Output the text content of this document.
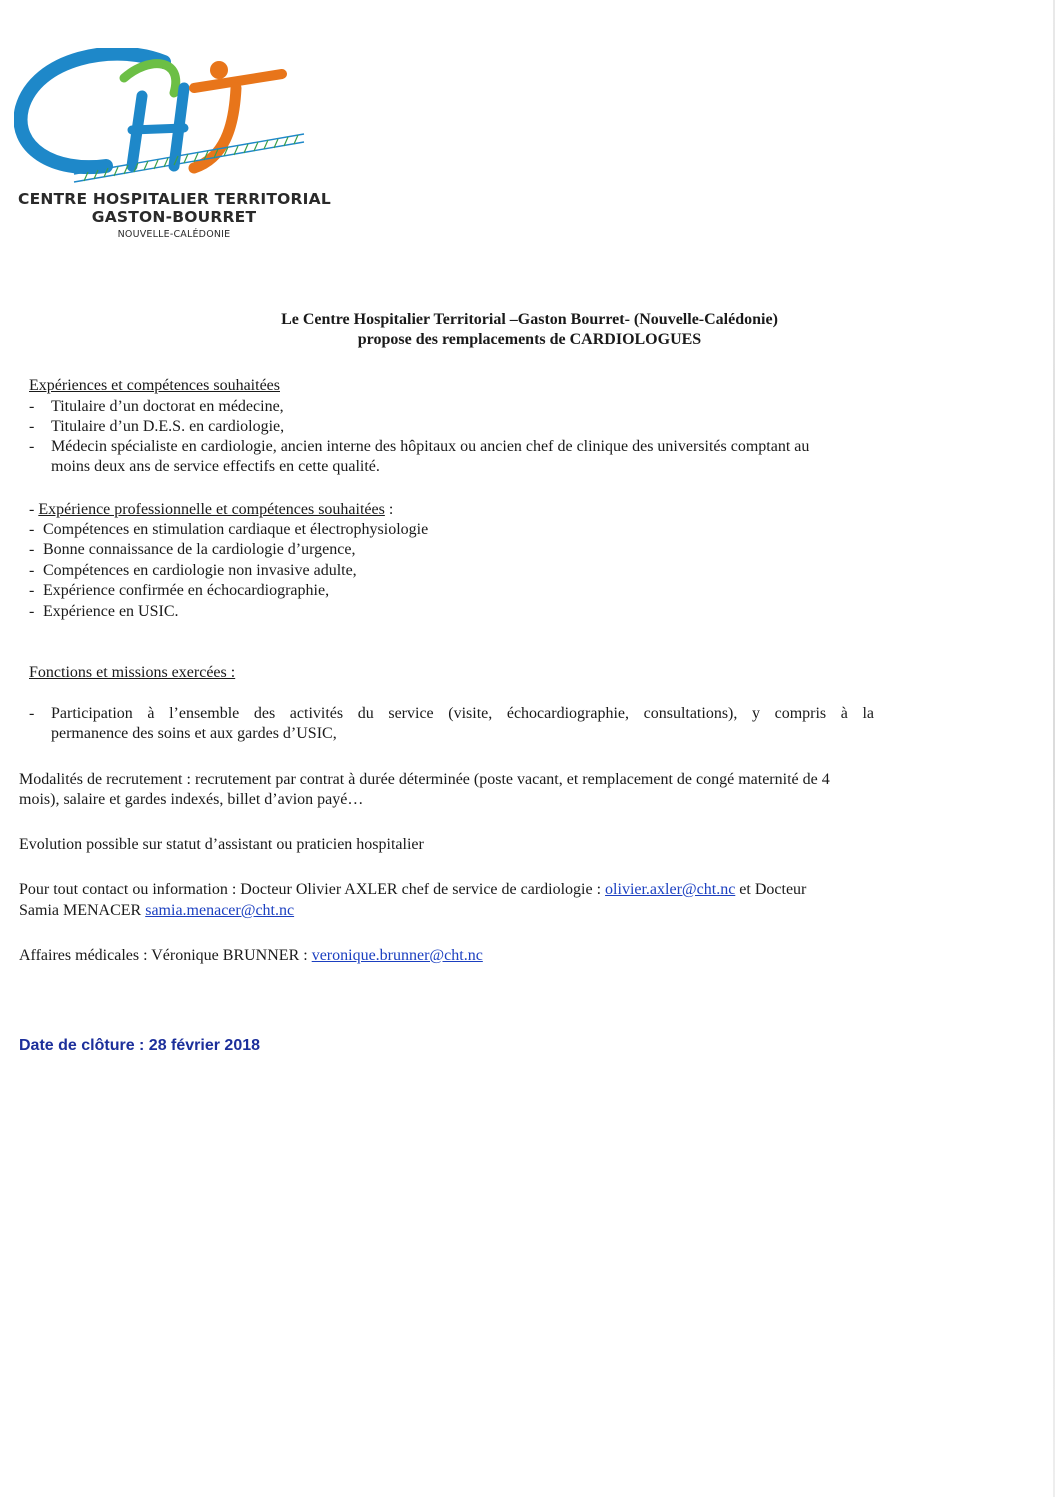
CENTRE HOSPITALIER TERRITORIAL
GASTON-BOURRET
NOUVELLE-CALÉDONIE
Le Centre Hospitalier Territorial –Gaston Bourret- (Nouvelle-Calédonie)
propose des remplacements de CARDIOLOGUES
Expériences et compétences souhaitées
- Titulaire d’un doctorat en médecine,
- Titulaire d’un D.E.S. en cardiologie,
- Médecin spécialiste en cardiologie, ancien interne des hôpitaux ou ancien chef de clinique des universités comptant au
moins deux ans de service effectifs en cette qualité.
- Expérience professionnelle et compétences souhaitées :
- Compétences en stimulation cardiaque et électrophysiologie
- Bonne connaissance de la cardiologie d’urgence,
- Compétences en cardiologie non invasive adulte,
- Expérience confirmée en échocardiographie,
- Expérience en USIC.
Fonctions et missions exercées :
- Participation à l’ensemble des activités du service (visite, échocardiographie, consultations), y compris à la
permanence des soins et aux gardes d’USIC,
Modalités de recrutement : recrutement par contrat à durée déterminée (poste vacant, et remplacement de congé maternité de 4
mois), salaire et gardes indexés, billet d’avion payé…
Evolution possible sur statut d’assistant ou praticien hospitalier
Pour tout contact ou information : Docteur Olivier AXLER chef de service de cardiologie : olivier.axler@cht.nc et Docteur
Samia MENACER samia.menacer@cht.nc
Affaires médicales : Véronique BRUNNER : veronique.brunner@cht.nc
Date de clôture : 28 février 2018
